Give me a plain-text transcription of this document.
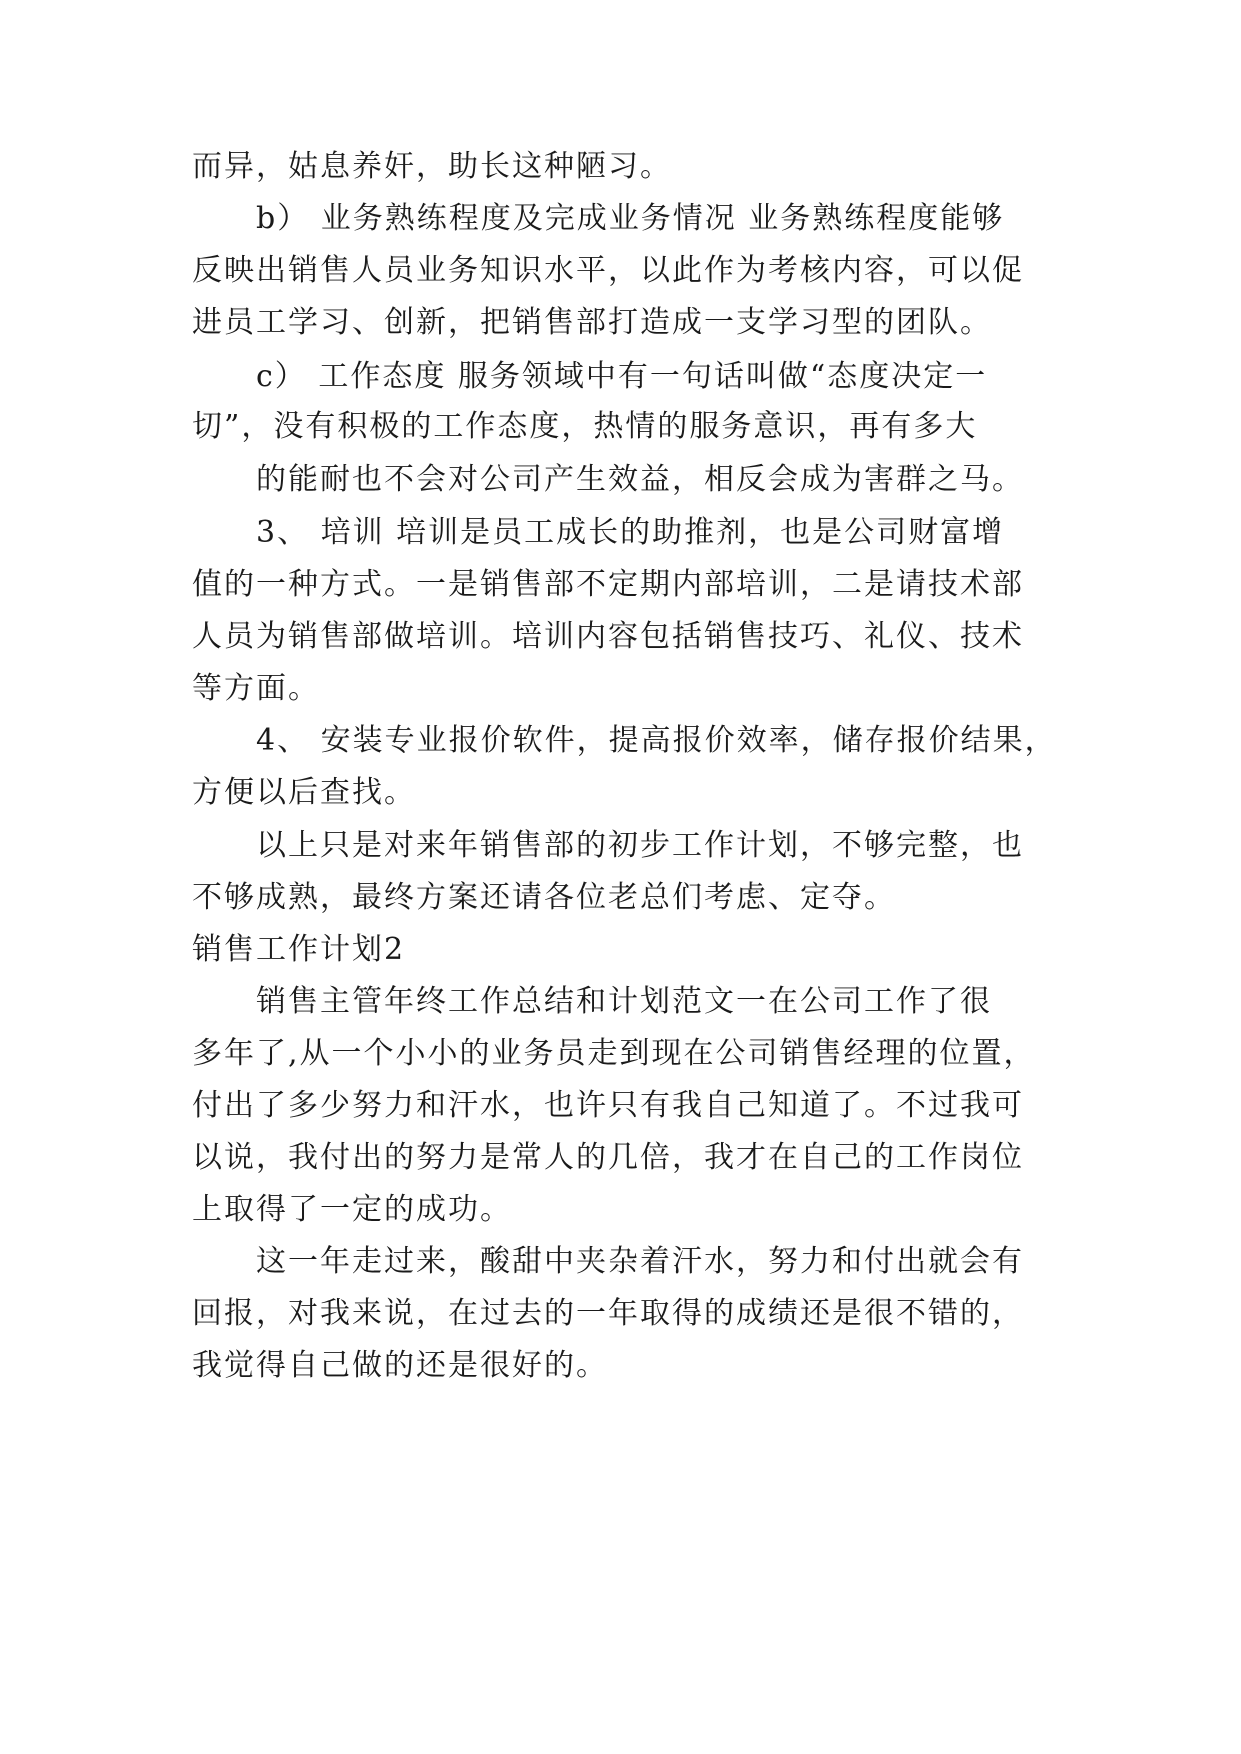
而异，姑息养奸，助长这种陋习。
b） 业务熟练程度及完成业务情况 业务熟练程度能够
反映出销售人员业务知识水平，以此作为考核内容，可以促
进员工学习、创新，把销售部打造成一支学习型的团队。
c） 工作态度 服务领域中有一句话叫做“态度决定一
切”，没有积极的工作态度，热情的服务意识，再有多大
的能耐也不会对公司产生效益，相反会成为害群之马。
3、 培训 培训是员工成长的助推剂，也是公司财富增
值的一种方式。一是销售部不定期内部培训，二是请技术部
人员为销售部做培训。培训内容包括销售技巧、礼仪、技术
等方面。
4、 安装专业报价软件，提高报价效率，储存报价结果，
方便以后查找。
以上只是对来年销售部的初步工作计划，不够完整，也
不够成熟，最终方案还请各位老总们考虑、定夺。
销售工作计划2
销售主管年终工作总结和计划范文一在公司工作了很
多年了,从一个小小的业务员走到现在公司销售经理的位置，
付出了多少努力和汗水，也许只有我自己知道了。不过我可
以说，我付出的努力是常人的几倍，我才在自己的工作岗位
上取得了一定的成功。
这一年走过来，酸甜中夹杂着汗水，努力和付出就会有
回报，对我来说，在过去的一年取得的成绩还是很不错的，
我觉得自己做的还是很好的。
